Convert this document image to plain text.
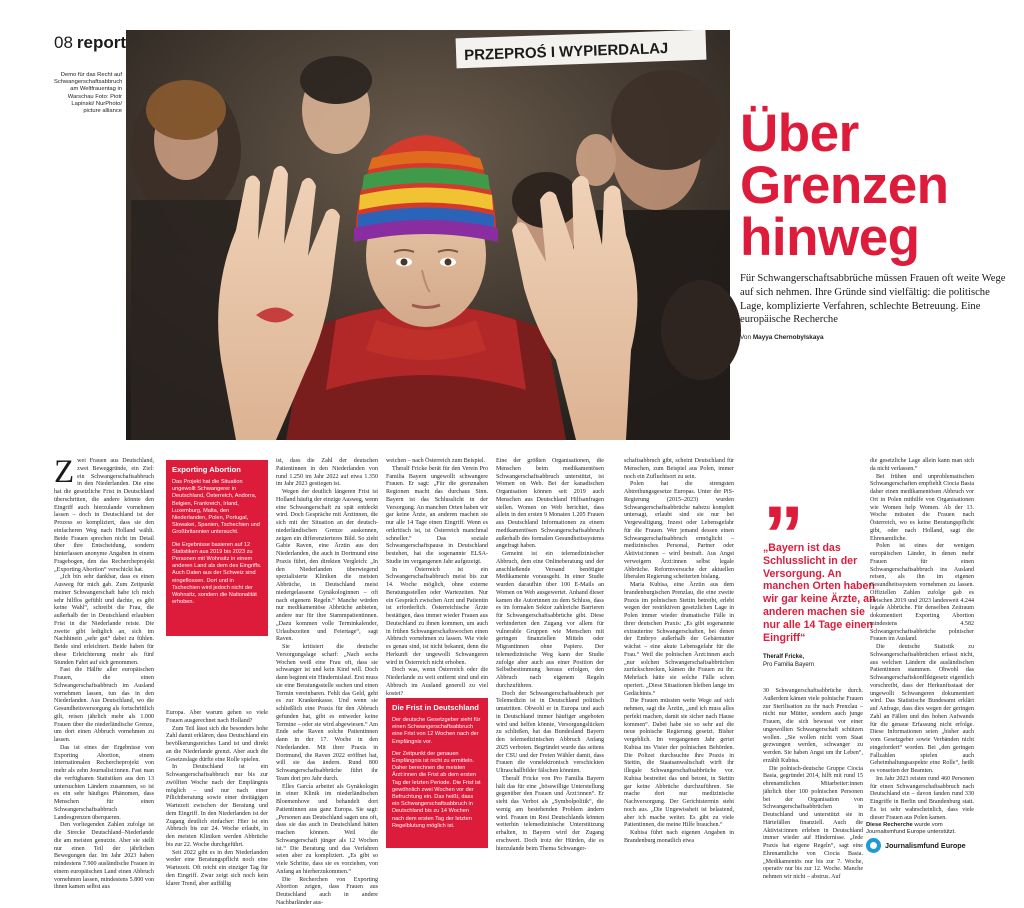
08 report
Demo für das Recht auf Schwangerschaftsabbruch am Weltfrauentag in Warschau Foto: Piotr Lapinski/ NurPhoto/ picture alliance
PRZEPROŚ I WYPIERDALAJ
Über
Grenzen
hinweg
Für Schwangerschaftsabbrüche müssen Frauen oft weite Wege auf sich nehmen. Ihre Gründe sind vielfältig: die politische Lage, komplizierte Verfahren, schlechte Betreuung. Eine europäische Recherche
Von Mayya Chernobylskaya
Z wei Frauen aus Deutschland, zwei Beweggründe, ein Ziel: ein Schwangerschaftsabbruch in den Niederlanden. Die eine hat die gesetzliche Frist in Deutschland überschritten, die andere könnte den Eingriff auch hierzulande vornehmen lassen – doch in Deutschland ist der Prozess so kompliziert, dass sie den einfacheren Weg nach Holland wählt. Beide Frauen sprechen nicht im Detail über ihre Entscheidung, sondern hinterlassen anonyme Angaben in einem Fragebogen, den das Rechercheprojekt „Exporting Abortion“ verschickt hat.

„Ich bin sehr dankbar, dass es einen Ausweg für mich gab. Zum Zeitpunkt meiner Schwangerschaft habe ich mich sehr hilflos gefühlt und dachte, es gibt keine Wahl“, schreibt die Frau, die außerhalb der in Deutschland erlaubten Frist in die Niederlande reiste. Die zweite gibt lediglich an, sich im Nachhinein „sehr gut“ dabei zu fühlen. Beide sind erleichtert. Beide haben für diese Erleichterung mehr als fünf Stunden Fahrt auf sich genommen.

Fast die Hälfte aller europäischen Frauen, die einen Schwangerschaftsabbruch im Ausland vornehmen lassen, tun das in den Niederlanden. Aus Deutschland, wo die Gesundheitsversorgung als fortschrittlich gilt, reisen jährlich mehr als 1.000 Frauen über die niederländische Grenze, um dort einen Abbruch vornehmen zu lassen.

Das ist eines der Ergebnisse von Exporting Abortion, einem internationalen Rechercheprojekt von mehr als zehn Journalist:innen. Fast man die verfügbaren Statistiken aus den 13 untersuchten Ländern zusammen, so ist es ein sehr häufiges Phänomen, dass Menschen für einen Schwangerschaftsabbruch Landesgrenzen überqueren.

Den vorliegenden Zahlen zufolge ist die Strecke Deutschland–Niederlande die am meisten genutzte. Aber sie stellt nur einen Teil der jährlichen Bewegungen dar. Im Jahr 2023 haben mindestens 7.900 ausländische Frauen in einem europäischen Land einen Abbruch vornehmen lassen, mindestens 5.800 von ihnen kamen selbst aus

Exporting Abortion

Das Projekt hat die Situation ungewollt Schwangerer in Deutschland, Österreich, Andorra, Belgien, Frankreich, Irland, Luxemburg, Malta, den Niederlanden, Polen, Portugal, Slowakei, Spanien, Tschechien und Großbritannien untersucht.

Die Ergebnisse basieren auf 12 Statistiken aus 2019 bis 2023 zu Personen mit Wohnsitz in einem anderen Land als dem des Eingriffs. Auch Daten aus der Schweiz sind eingeflossen. Dort und in Tschechien wird jedoch nicht der Wohnsitz, sondern die Nationalität erhoben.

Europa. Aber warum gehen so viele Frauen ausgerechnet nach Holland?

Zum Teil lässt sich die besonders hohe Zahl damit erklären, dass Deutschland ein bevölkerungsreiches Land ist und direkt an die Niederlande grenzt. Aber auch die Gesetzeslage dürfte eine Rolle spielen.

In Deutschland ist ein Schwangerschaftsabbruch nur bis zur zwölften Woche nach der Empfängnis möglich – und nur nach einer Pflichtberatung sowie einer dreitägigen Wartezeit zwischen der Beratung und dem Eingriff. In den Niederlanden ist der Zugang deutlich einfacher: Hier ist ein Abbruch bis zur 24. Woche erlaubt, in den meisten Kliniken werden Abbrüche bis zur 22. Woche durchgeführt.

Seit 2022 gibt es in den Niederlanden weder eine Beratungspflicht noch eine Wartezeit. Oft reicht ein einziger Tag für den Eingriff. Zwar zeigt sich noch kein klarer Trend, aber auffällig

ist, dass die Zahl der deutschen Patientinnen in den Niederlanden von rund 1.250 im Jahr 2022 auf etwa 1.350 im Jahr 2023 gestiegen ist.

Wegen der deutlich längeren Frist ist Holland häufig der einzige Ausweg, wenn eine Schwangerschaft zu spät entdeckt wird. Doch Gespräche mit Ärztinnen, die sich mit der Situation an der deutsch-niederländischen Grenze auskennen, zeigen ein differenzierteres Bild. So zieht Gabie Raven, eine Ärztin aus den Niederlanden, die auch in Dortmund eine Praxis führt, den direkten Vergleich: „In den Niederlanden überwiegend spezialisierte Kliniken die meisten Abbrüche, in Deutschland meist niedergelassene Gynäkologinnen – oft nach eigenem Regeln.“ Manche würden nur medikamentöse Abbrüche anbieten, andere nur für ihre Stammpatientinnen. „Dazu kommen volle Terminkalender, Urlaubszeiten und Feiertage“, sagt Raven.

Sie kritisiert die deutsche Versorgungslage scharf: „Nach sechs Wochen weiß eine Frau oft, dass sie schwanger ist und kein Kind will. Doch dann beginnt ein Hindernislauf. Erst muss sie eine Beratungsstelle suchen und einen Termin vereinbaren. Fehlt das Geld, geht es zur Krankenkasse. Und wenn sie schließlich eine Praxis für den Abbruch gefunden hat, gibt es entweder keine Termine – oder sie wird abgewiesen.“ Am Ende sehe Raven solche Patientinnen dann in der 17. Woche in den Niederlanden. Mit ihrer Praxis in Dortmund, die Raven 2022 eröffnet hat, will sie das ändern. Rund 800 Schwangerschaftsabbrüche führt ihr Team dort pro Jahr durch.

Elles García arbeitet als Gynäkologin in einer Klinik im niederländischen Bloemenhove und behandelt dort Patientinnen aus ganz Europa. Sie sagt: „Personen aus Deutschland sagen uns oft, dass sie das auch in Deutschland hätten machen können. Weil die Schwangerschaft jünger als 12 Wochen ist.“ Die Beratung und das Verfahren seien aber zu kompliziert. „Es gibt so viele Schritte, dass sie es vorziehen, von Anfang an hierherzukommen.“

Die Recherchen von Exporting Abortion zeigen, dass Frauen aus Deutschland auch in andere Nachbarländer aus-

weichen – nach Österreich zum Beispiel.

Theralf Fricke berät für den Verein Pro Familia Bayern ungewollt schwangere Frauen. Er sagt: „Für die grenznahen Regionen macht das durchaus Sinn. Bayern ist das Schlusslicht in der Versorgung. An manchen Orten haben wir gar keine Ärzte, an anderen machen sie nur alle 14 Tage einen Eingriff. Wenn es ortkritisch ist, ist Österreich manchmal schneller.“ Das soziale Schwangerschaftspause in Deutschland bestehen, hat die sogenannte ELSA-Studie im vergangenen Jahr aufgezeigt.

In Österreich ist ein Schwangerschaftsabbruch meist bis zur 14. Woche möglich, ohne externe Beratungsstellen oder Wartezeiten. Nur ein Gespräch zwischen Arzt und Patientin ist erforderlich. Österreichische Ärzte bestätigen, dass immer wieder Frauen aus Deutschland zu ihnen kommen, um auch in frühen Schwangerschaftswochen einen Abbruch vornehmen zu lassen. Wie viele es genau sind, ist nicht bekannt, denn die Herkunft der ungewollt Schwangeren wird in Österreich nicht erhoben.

Doch was, wenn Österreich oder die Niederlande zu weit entfernt sind und ein Abbruch im Ausland generell zu viel kostet?

Die Frist in Deutschland

Der deutsche Gesetzgeber sieht für einen Schwangerschaftsabbruch eine Frist von 12 Wochen nach der Empfängnis vor.

Der Zeitpunkt der genauen Empfängnis ist nicht zu ermitteln. Daher berechnen die meisten Ärzt:innen die Frist ab dem ersten Tag der letzten Periode. Die Frist ist gewöhnlich zwei Wochen vor der Befruchtung ein. Das heißt, dass ein Schwangerschaftsabbruch in Deutschland bis zu 14 Wochen nach dem ersten Tag der letzten Regelblutung möglich ist.

Eine der größten Organisationen, die Menschen beim medikamentösen Schwangerschaftsabbruch unterstützt, ist Women on Web. Bei der kanadischen Organisation können seit 2019 auch Menschen aus Deutschland Hilfsanfragen stellen. Women on Web berichtet, dass allein in den ersten 9 Monaten 1.205 Frauen aus Deutschland Informationen zu einem medikamentösen Schwangerschaftsabbruch außerhalb des formalen Gesundheitssystems angefragt haben.

Gemeint ist ein telemedizinischer Abbruch, dem eine Onlineberatung und der anschließende Versand benötigter Medikamente vorausgeht. In einer Studie wurden daraufhin über 100 E-Mails an Women on Web ausgewertet. Anhand dieser kamen die Autorinnen zu dem Schluss, dass es im formalen Sektor zahlreiche Barrieren für Schwangerschaftsabbrüche gibt. Diese verhinderten den Zugang vor allem für vulnerable Gruppen wie Menschen mit geringen finanziellen Mitteln oder Migrantinnen ohne Papiere. Der telemedizinische Weg kann der Studie zufolge aber auch aus einer Position der Selbstbestimmung heraus erfolgen, den Abbruch nach eigenem Regeln durchzuführen.

Doch der Schwangerschaftsabbruch per Telemedizin ist in Deutschland politisch umstritten. Obwohl er in Europa und auch in Deutschland immer häufiger angeboten wird und helfen könnte, Versorgungslücken zu schließen, hat das Bundesland Bayern den telemedizinischen Abbruch Anfang 2025 verboten. Begründet wurde das seitens der CSU und der Freien Wähler damit, dass Frauen die vonelektronisch verschickten Ultraschallbilder fälschen könnten.

Theralf Fricke von Pro Familia Bayern hält das für eine „bösswillige Unterstellung gegenüber den Frauen und Ärzt:innen“. Er sieht das Verbot als „Symbolpolitik“, die wenig am bestehenden Problem ändern wird. Frauen im Rest Deutschlands können weiterhin telemedizinische Unterstützung erhalten, in Bayern wird der Zugang erschwert. Doch trotz der Hürden, die es hierzulande beim Thema Schwanger-

schaftsabbruch gibt, scheint Deutschland für Menschen, zum Beispiel aus Polen, immer noch ein Zufluchtsort zu sein.

Polen hat die strengsten Abtreibungsgesetze Europas. Unter der PiS-Regierung (2015–2023) wurden Schwangerschaftsabbrüche nahezu komplett untersagt, erlaubt sind sie nur bei Vergewaltigung, Inzest oder Lebensgefahr für die Frauen. Wer jemand dessen einen Schwangerschaftsabbruch ermöglicht – medizinisches Personal, Partner oder Aktivist:innen – wird bestraft. Aus Angst verweigern Ärzt:innen selbst legale Abbrüche. Reformversuche der aktuellen liberalen Regierung scheiterten bislang.

Maria Kubisa, eine Ärztin aus dem brandenburgischen Prenzlau, die eine zweite Praxis im polnischen Stettin betreibt, erlebt wegen der restriktiven gesetzlichen Lage in Polen immer wieder dramatische Fälle in ihrer deutschen Praxis: „Es gibt sogenannte extrauterine Schwangerschaften, bei denen der Embryo außerhalb der Gebärmutter wächst – eine akute Lebensgefahr für die Frau.“ Weil die polnischen Ärzt:innen auch „nur solchen Schwangerschaftsabbrüchen zurückschrecken, kämen die Frauen zu ihr. Mehrfach hätte sie solche Fälle schon operiert. „Diese Situationen bleiben lange im Gedächtnis.“

Die Frauen müssten weite Wege auf sich nehmen, sagt die Ärztin, „und ich muss alles perfekt machen, damit sie sicher nach Hause kommen“. Dabei habe sie so sehr auf die neue polnische Regierung gesetzt. Bisher vergeblich. Im vergangenen Jahr geriet Kubisa ins Visier der polnischen Behörden. Die Polizei durchsuchte ihre Praxis in Stettin, die Staatsanwaltschaft wirft ihr illegale Schwangerschaftsabbrüche vor. Kubisa bestreitet das und betont, in Stettin gar keine Abbrüche durchzuführen. Sie mache dort nur medizinische Nachversorgung. Der Gerichtstermin steht noch aus. „Die Ungewissheit ist belastend, aber ich mache weiter. Es gibt zu viele Patientinnen, die meine Hilfe brauchen.“

Kubisa führt nach eigenen Angaben in Brandenburg monatlich etwa

„
„Bayern ist das Schlusslicht in der Versorgung. An manchen Orten haben wir gar keine Ärzte, an anderen machen sie nur alle 14 Tage einen Eingriff“
Theralf Fricke,
Pro Familia Bayern

30 Schwangerschaftsabbrüche durch. Außerdem kämen viele polnische Frauen zur Sterilisation zu ihr nach Prenzlau – nicht nur Mütter, sondern auch junge Frauen, die sich bewusst vor einer ungewollten Schwangerschaft schützen wollen. „Sie wollen nicht vom Staat gezwungen werden, schwanger zu werden. Sie haben Angst um ihr Leben“, erzählt Kubisa.

Die polnisch-deutsche Gruppe Ciocia Basia, gegründet 2014, hilft mit rund 15 ehrenamtlichen Mitarbeiter:innen jährlich über 100 polnischen Personen bei der Organisation von Schwangerschaftsabbrüchen in Deutschland und unterstützt sie in Härtefällen finanziell. Auch die Aktivist:innen erleben in Deutschland immer wieder auf Hindernisse. „Jede Praxis hat eigene Regeln“, sagt eine Ehrenamtliche von Ciocia Basia. „Medikamentös nur bis zur 7. Woche, operativ nur bis zur 12. Woche. Manche nehmen wir nicht – abstrus. Auf

die gesetzliche Lage allein kann man sich da nicht verlassen.“

Bei frühen und unproblematischen Schwangerschaften empfiehlt Ciocia Basia daher einen medikamentösen Abbruch vor Ort in Polen mithilfe von Organisationen wie Women help Women. Ab der 13. Woche müssten die Frauen nach Österreich, wo es keine Beratungspflicht gibt, oder nach Holland, sagt die Ehrenamtliche.

Polen ist eines der wenigen europäischen Länder, in denen mehr Frauen für einen Schwangerschaftsabbruch ins Ausland reisen, als ihn im eigenen Gesundheitssystem vornehmen zu lassen. Offiziellen Zahlen zufolge gab es zwischen 2019 und 2023 landesweit 4.244 legale Abbrüche. Für denselben Zeitraum dokumentiert Exporting Abortion mindestens 4.582 Schwangerschaftsabbrüche polnischer Frauen im Ausland.

Die deutsche Statistik zu Schwangerschaftsabbrüchen erfasst nicht, aus welchen Ländern die ausländischen Patientinnen stammen. Obwohl das Schwangerschaftskonfliktgesetz eigentlich vorschreibt, dass der Herkunftsstaat der ungewollt Schwangeren dokumentiert wird. Das Statistische Bundesamt erklärt auf Anfrage, dass dies wegen der geringen Zahl an Fällen und des hohen Aufwands für die genaue Erfassung nicht erfolge. Diese Informationen seien „bisher auch vom Gesetzgeber sowie Verbänden nicht eingefordert“ worden. Bei „den geringen Fallzahlen spielen auch Geheimhaltungsaspekte eine Rolle“, heißt es vonseiten der Beamten.

Im Jahr 2023 reisten rund 460 Personen für einen Schwangerschaftsabbruch nach Deutschland ein – davon fanden rund 330 Eingriffe in Berlin und Brandenburg statt. Es ist sehr wahrscheinlich, dass viele dieser Frauen aus Polen kamen.

Diese Recherche wurde vom Journalismfund Europe unterstützt.
Journalismfund Europe
